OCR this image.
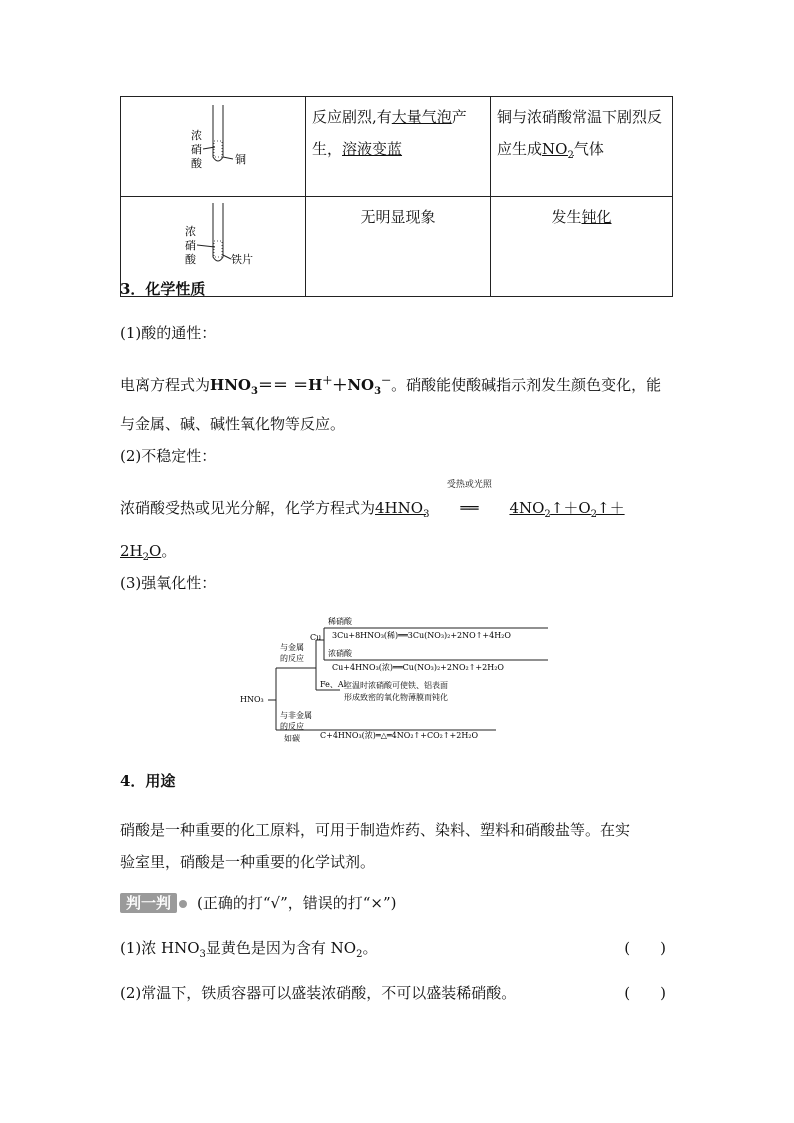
浓
硝
酸 铜	反应剧烈,有大量气泡产生，溶液变蓝	铜与浓硝酸常温下剧烈反应生成$NO_2$气体

浓
硝
酸 铁片	无明显现象	发生钝化
3．化学性质
(1)酸的通性：
电离方程式为$HNO_3== =H^++NO_3^-$。硝酸能使酸碱指示剂发生颜色变化，能
与金属、碱、碱性氧化物等反应。
(2)不稳定性：
浓硝酸受热或见光分解，化学方程式为$4HNO_3$
受热或光照
══ $4NO_2↑+O_2↑+$
$2H_2O$。
(3)强氧化性：
HNO₃
与金属
的反应
Cu
稀硝酸
3Cu+8HNO₃(稀)══3Cu(NO₃)₂+2NO↑+4H₂O
浓硝酸
Cu+4HNO₃(浓)══Cu(NO₃)₂+2NO₂↑+2H₂O
Fe、Al
室温时浓硝酸可使铁、铝表面
形成致密的氧化物薄膜而钝化
与非金属
的反应
如碳	C+4HNO₃(浓)═△═4NO₂↑+CO₂↑+2H₂O
4．用途
硝酸是一种重要的化工原料，可用于制造炸药、染料、塑料和硝酸盐等。在实
验室里，硝酸是一种重要的化学试剂。
判一判 (正确的打“√”，错误的打“×”)
(1)浓 $HNO_3$显黄色是因为含有 $NO_2$。	(　　)
(2)常温下，铁质容器可以盛装浓硝酸，不可以盛装稀硝酸。	(　　)
